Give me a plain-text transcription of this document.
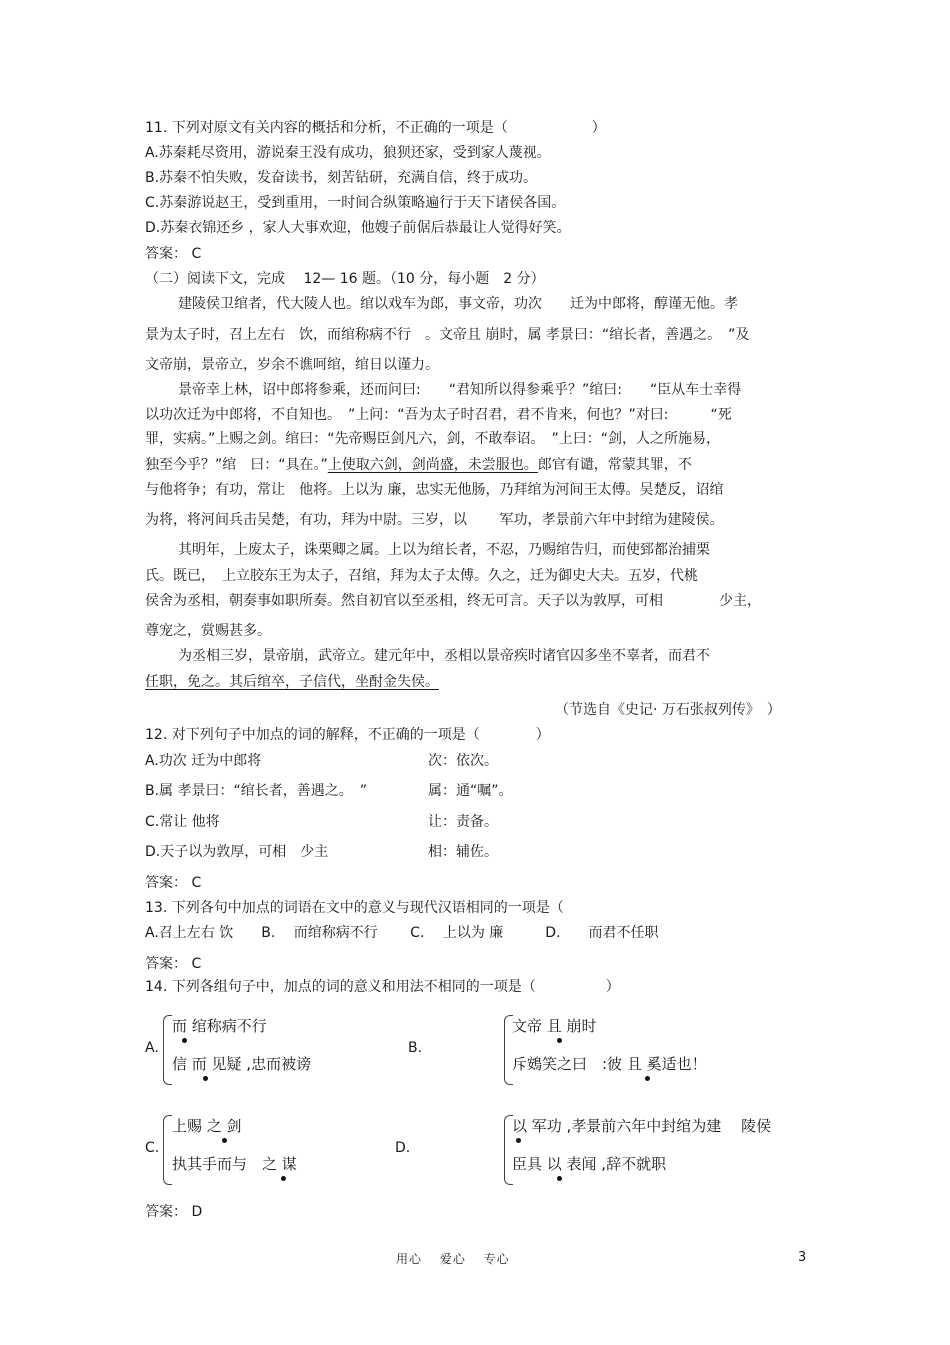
11. 下列对原文有关内容的概括和分析，不正确的一项是（　　　　　　）
A.苏秦耗尽资用，游说秦王没有成功，狼狈还家，受到家人蔑视。
B.苏秦不怕失败，发奋读书，刻苦钻研，充满自信，终于成功。
C.苏秦游说赵王，受到重用，一时间合纵策略遍行于天下诸侯各国。
D.苏秦衣锦还乡 ，家人大事欢迎，他嫂子前倨后恭最让人觉得好笑。
答案： C
（二）阅读下文，完成　 12— 16 题。（10 分，每小题　2 分）
建陵侯卫绾者，代大陵人也。绾以戏车为郎，事文帝，功次　　迁为中郎将，醇谨无他。孝
景为太子时，召上左右　饮，而绾称病不行　。文帝且 崩时，属 孝景曰：“绾长者，善遇之。　”及
文帝崩，景帝立，岁余不谯呵绾，绾日以谨力。
景帝幸上林，诏中郎将参乘，还而问曰:　　“君知所以得参乘乎？”绾曰:　　“臣从车士幸得
以功次迁为中郎将，不自知也。　”上问：“吾为太子时召君，君不肯来，何也？”对曰:　　　“死
罪，实病。”上赐之剑。绾曰：“先帝赐臣剑凡六，剑，不敢奉诏。　”上曰：“剑，人之所施易，
独至今乎？”绾　曰：“具在。”上使取六剑，剑尚盛，未尝服也。郎官有谴，常蒙其罪，不
与他将争；有功，常让　他将。上以为 廉，忠实无他肠，乃拜绾为河间王太傅。吴楚反，诏绾
为将，将河间兵击吴楚，有功，拜为中尉。三岁，以　　 军功，孝景前六年中封绾为建陵侯。
其明年，上废太子，诛栗卿之属。上以为绾长者，不忍，乃赐绾告归，而使郅都治捕栗
氏。既已，　上立胶东王为太子，召绾，拜为太子太傅。久之，迁为御史大夫。五岁，代桃
侯舍为丞相，朝奏事如职所奏。然自初官以至丞相，终无可言。天子以为敦厚，可相　　　　少主，
尊宠之，赏赐甚多。
为丞相三岁，景帝崩，武帝立。建元年中，丞相以景帝疾时诸官囚多坐不辜者，而君不
任职，免之。其后绾卒，子信代，坐酎金失侯。
（节选自《史记· 万石张叔列传》　）
12. 对下列句子中加点的词的解释，不正确的一项是（　　　　）
A.功次 迁为中郎将	次：依次。
B.属 孝景曰：“绾长者，善遇之。　”	属：通“嘱”。
C.常让 他将	让：责备。
D.天子以为敦厚，可相　少主	相：辅佐。
答案： C
13. 下列各句中加点的词语在文中的意义与现代汉语相同的一项是（
A.召上左右 饮　　B.　 而绾称病不行　　 C.　 上以为 廉　　　D.　　而君不任职
答案： C
14. 下列各组句子中，加点的词的意义和用法不相同的一项是（　　　　　）
A.
而 绾称病不行
信 而 见疑 ,忠而被谤
B.
文帝 且 崩时
斥鴳笑之曰　:彼 且 奚适也！
C.
上赐 之 剑
执其手而与　之 谋
D.
以 军功 ,孝景前六年中封绾为建　 陵侯
臣具 以 表闻 ,辞不就职
答案： D
用心　 爱心　 专心	3
